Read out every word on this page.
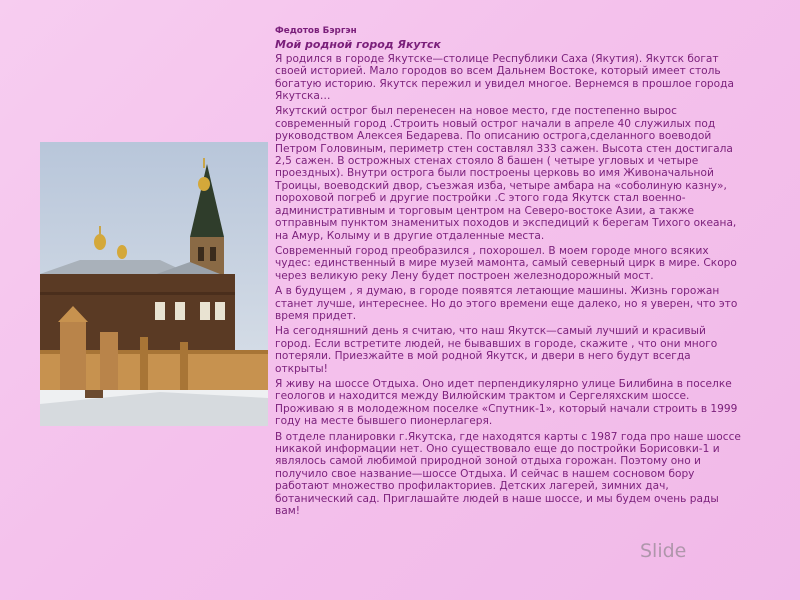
Федотов Бэргэн

Мой родной город Якутск

Я родился в городе Якутске—столице Республики Саха (Якутия). Якутск богат своей историей. Мало городов во всем Дальнем Востоке, который имеет столь богатую историю. Якутск пережил и увидел многое. Вернемся в прошлое города Якутска…

Якутский острог был перенесен на новое место, где постепенно вырос современный город .Строить новый острог начали в апреле 40 служилых под руководством Алексея Бедарева. По описанию острога,сделанного воеводой Петром Головиным, периметр стен составлял 333 сажен. Высота стен достигала 2,5 сажен. В острожных стенах стояло 8 башен ( четыре угловых и четыре проездных). Внутри острога были построены церковь во имя Живоначальной Троицы, воеводский двор, съезжая изба, четыре амбара на «соболиную казну», пороховой погреб и другие постройки .С этого года Якутск стал военно-административным и торговым центром на Северо-востоке Азии, а также отправным пунктом знаменитых походов и экспедиций к берегам Тихого океана, на Амур, Колыму и в другие отдаленные места.

Современный город преобразился , похорошел. В моем городе много всяких чудес: единственный в мире музей мамонта, самый северный цирк в мире. Скоро через великую реку Лену будет построен железнодорожный мост.

А в будущем , я думаю, в городе появятся летающие машины. Жизнь горожан станет лучше, интереснее. Но до этого времени еще далеко, но я уверен, что это время придет.

На сегодняшний день я считаю, что наш Якутск—самый лучший и красивый город. Если встретите людей, не бывавших в городе, скажите , что они много потеряли. Приезжайте в мой родной Якутск, и двери в него будут всегда открыты!

Я живу на шоссе Отдыха. Оно идет перпендикулярно улице Билибина в поселке геологов и находится между Вилюйским трактом и Сергеляхским шоссе. Проживаю я в молодежном поселке «Спутник-1», который начали строить в 1999 году на месте бывшего пионерлагеря.

В отделе планировки г.Якутска, где находятся карты с 1987 года про наше шоссе никакой информации нет. Оно существовало еще до постройки Борисовки-1 и являлось самой любимой природной зоной отдыха горожан. Поэтому оно и получило свое название—шоссе Отдыха. И сейчас в нашем сосновом бору работают множество профилакториев. Детских лагерей, зимних дач, ботанический сад. Приглашайте людей в наше шоссе, и мы будем очень рады вам!

Slide
